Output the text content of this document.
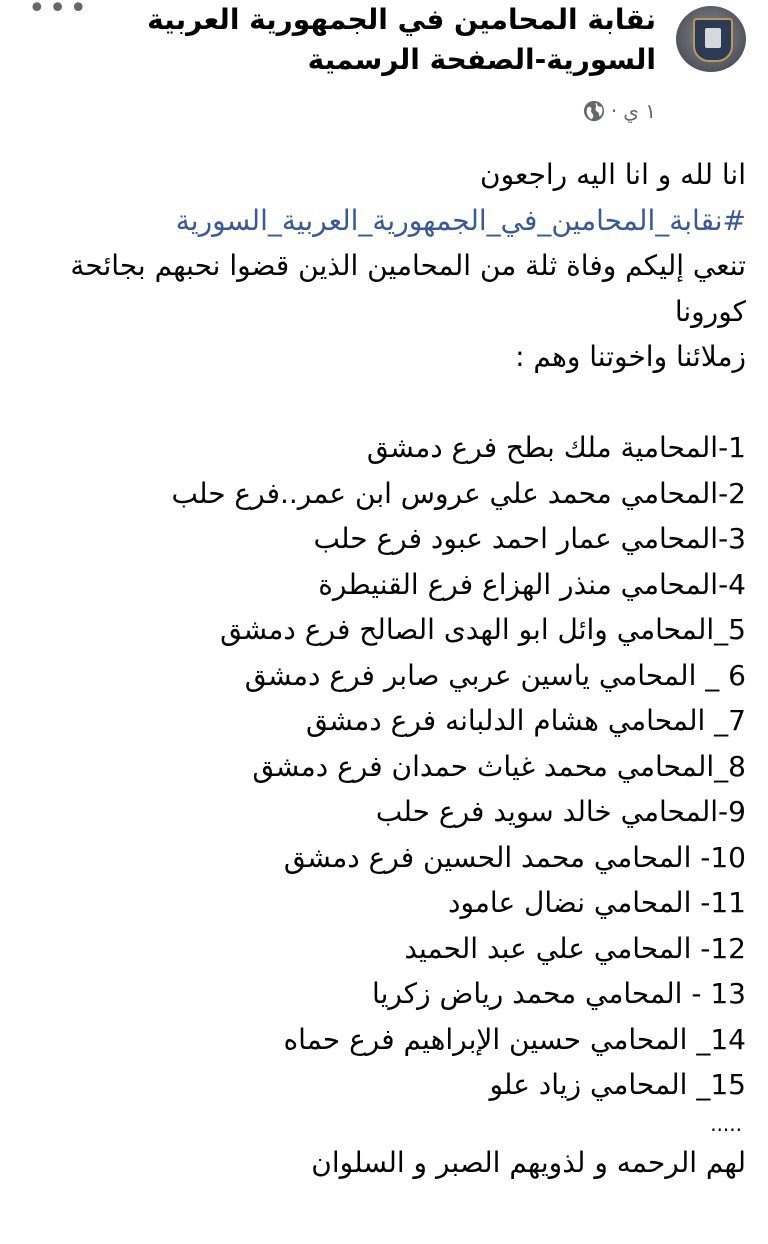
•••	نقابة المحامين في الجمهورية العربية السورية-الصفحة الرسمية
١ ي
·

انا لله و انا اليه راجعون

#نقابة_المحامين_في_الجمهورية_العربية_السورية

تنعي إليكم وفاة ثلة من المحامين الذين قضوا نحبهم بجائحة كورونا

زملائنا واخوتنا وهم :

1-المحامية ملك بطح فرع دمشق
2-المحامي محمد علي عروس ابن عمر..فرع حلب
3-المحامي عمار احمد عبود فرع حلب
4-المحامي منذر الهزاع فرع القنيطرة
5_المحامي وائل ابو الهدى الصالح فرع دمشق
6 _ المحامي ياسين عربي صابر فرع دمشق
7_ المحامي هشام الدلبانه فرع دمشق
8_المحامي محمد غياث حمدان فرع دمشق
9-المحامي خالد سويد فرع حلب
10- المحامي محمد الحسين فرع دمشق
11- المحامي نضال عامود
12- المحامي علي عبد الحميد
13 - المحامي محمد رياض زكريا
14_ المحامي حسين الإبراهيم فرع حماه
15_ المحامي زياد علو

.....

لهم الرحمه و لذويهم الصبر و السلوان
